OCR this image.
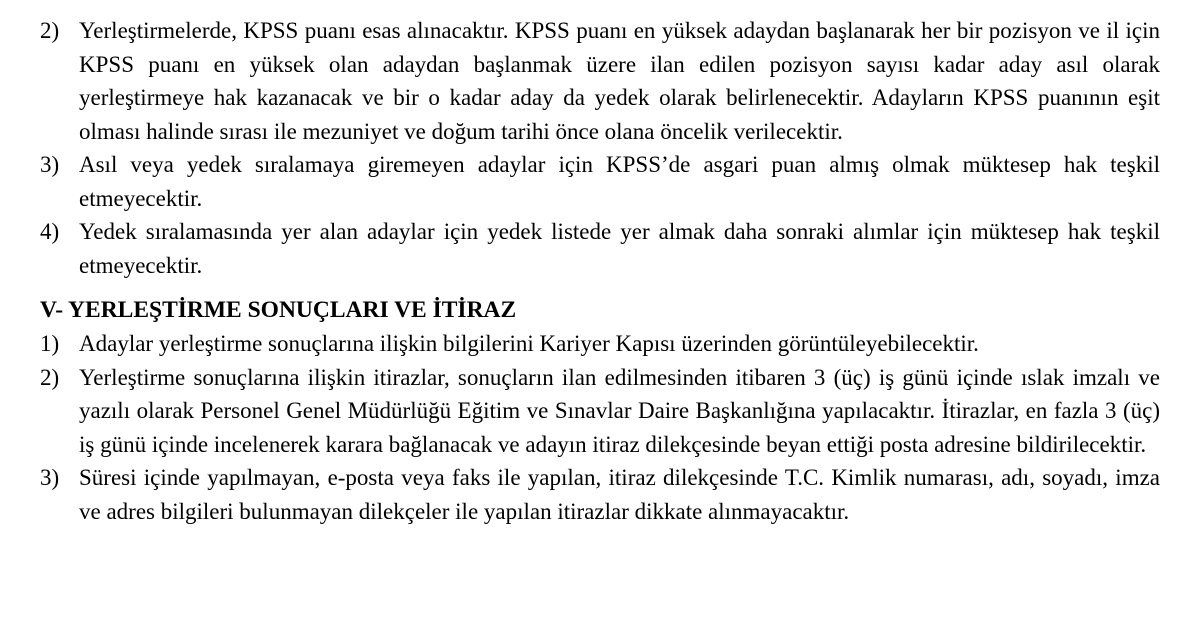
2) Yerleştirmelerde, KPSS puanı esas alınacaktır. KPSS puanı en yüksek adaydan başlanarak her bir pozisyon ve il için KPSS puanı en yüksek olan adaydan başlanmak üzere ilan edilen pozisyon sayısı kadar aday asıl olarak yerleştirmeye hak kazanacak ve bir o kadar aday da yedek olarak belirlenecektir. Adayların KPSS puanının eşit olması halinde sırası ile mezuniyet ve doğum tarihi önce olana öncelik verilecektir.
3) Asıl veya yedek sıralamaya giremeyen adaylar için KPSS’de asgari puan almış olmak müktesep hak teşkil etmeyecektir.
4) Yedek sıralamasında yer alan adaylar için yedek listede yer almak daha sonraki alımlar için müktesep hak teşkil etmeyecektir.
V- YERLEŞTİRME SONUÇLARI VE İTİRAZ
1) Adaylar yerleştirme sonuçlarına ilişkin bilgilerini Kariyer Kapısı üzerinden görüntüleyebilecektir.
2) Yerleştirme sonuçlarına ilişkin itirazlar, sonuçların ilan edilmesinden itibaren 3 (üç) iş günü içinde ıslak imzalı ve yazılı olarak Personel Genel Müdürlüğü Eğitim ve Sınavlar Daire Başkanlığına yapılacaktır. İtirazlar, en fazla 3 (üç) iş günü içinde incelenerek karara bağlanacak ve adayın itiraz dilekçesinde beyan ettiği posta adresine bildirilecektir.
3) Süresi içinde yapılmayan, e-posta veya faks ile yapılan, itiraz dilekçesinde T.C. Kimlik numarası, adı, soyadı, imza ve adres bilgileri bulunmayan dilekçeler ile yapılan itirazlar dikkate alınmayacaktır.
